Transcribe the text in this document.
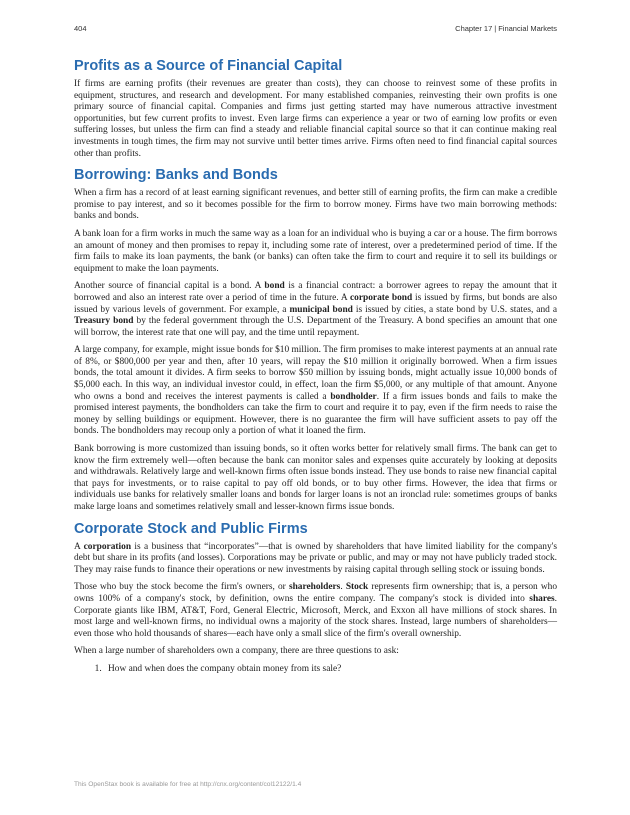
404	Chapter 17 | Financial Markets
Profits as a Source of Financial Capital

If firms are earning profits (their revenues are greater than costs), they can choose to reinvest some of these profits in equipment, structures, and research and development. For many established companies, reinvesting their own profits is one primary source of financial capital. Companies and firms just getting started may have numerous attractive investment opportunities, but few current profits to invest. Even large firms can experience a year or two of earning low profits or even suffering losses, but unless the firm can find a steady and reliable financial capital source so that it can continue making real investments in tough times, the firm may not survive until better times arrive. Firms often need to find financial capital sources other than profits.

Borrowing: Banks and Bonds

When a firm has a record of at least earning significant revenues, and better still of earning profits, the firm can make a credible promise to pay interest, and so it becomes possible for the firm to borrow money. Firms have two main borrowing methods: banks and bonds.

A bank loan for a firm works in much the same way as a loan for an individual who is buying a car or a house. The firm borrows an amount of money and then promises to repay it, including some rate of interest, over a predetermined period of time. If the firm fails to make its loan payments, the bank (or banks) can often take the firm to court and require it to sell its buildings or equipment to make the loan payments.

Another source of financial capital is a bond. A bond is a financial contract: a borrower agrees to repay the amount that it borrowed and also an interest rate over a period of time in the future. A corporate bond is issued by firms, but bonds are also issued by various levels of government. For example, a municipal bond is issued by cities, a state bond by U.S. states, and a Treasury bond by the federal government through the U.S. Department of the Treasury. A bond specifies an amount that one will borrow, the interest rate that one will pay, and the time until repayment.

A large company, for example, might issue bonds for $10 million. The firm promises to make interest payments at an annual rate of 8%, or $800,000 per year and then, after 10 years, will repay the $10 million it originally borrowed. When a firm issues bonds, the total amount it divides. A firm seeks to borrow $50 million by issuing bonds, might actually issue 10,000 bonds of $5,000 each. In this way, an individual investor could, in effect, loan the firm $5,000, or any multiple of that amount. Anyone who owns a bond and receives the interest payments is called a bondholder. If a firm issues bonds and fails to make the promised interest payments, the bondholders can take the firm to court and require it to pay, even if the firm needs to raise the money by selling buildings or equipment. However, there is no guarantee the firm will have sufficient assets to pay off the bonds. The bondholders may recoup only a portion of what it loaned the firm.

Bank borrowing is more customized than issuing bonds, so it often works better for relatively small firms. The bank can get to know the firm extremely well—often because the bank can monitor sales and expenses quite accurately by looking at deposits and withdrawals. Relatively large and well-known firms often issue bonds instead. They use bonds to raise new financial capital that pays for investments, or to raise capital to pay off old bonds, or to buy other firms. However, the idea that firms or individuals use banks for relatively smaller loans and bonds for larger loans is not an ironclad rule: sometimes groups of banks make large loans and sometimes relatively small and lesser-known firms issue bonds.

Corporate Stock and Public Firms

A corporation is a business that “incorporates”—that is owned by shareholders that have limited liability for the company's debt but share in its profits (and losses). Corporations may be private or public, and may or may not have publicly traded stock. They may raise funds to finance their operations or new investments by raising capital through selling stock or issuing bonds.

Those who buy the stock become the firm's owners, or shareholders. Stock represents firm ownership; that is, a person who owns 100% of a company's stock, by definition, owns the entire company. The company's stock is divided into shares. Corporate giants like IBM, AT&T, Ford, General Electric, Microsoft, Merck, and Exxon all have millions of stock shares. In most large and well-known firms, no individual owns a majority of the stock shares. Instead, large numbers of shareholders—even those who hold thousands of shares—each have only a small slice of the firm's overall ownership.

When a large number of shareholders own a company, there are three questions to ask:

1. How and when does the company obtain money from its sale?
This OpenStax book is available for free at http://cnx.org/content/col12122/1.4
